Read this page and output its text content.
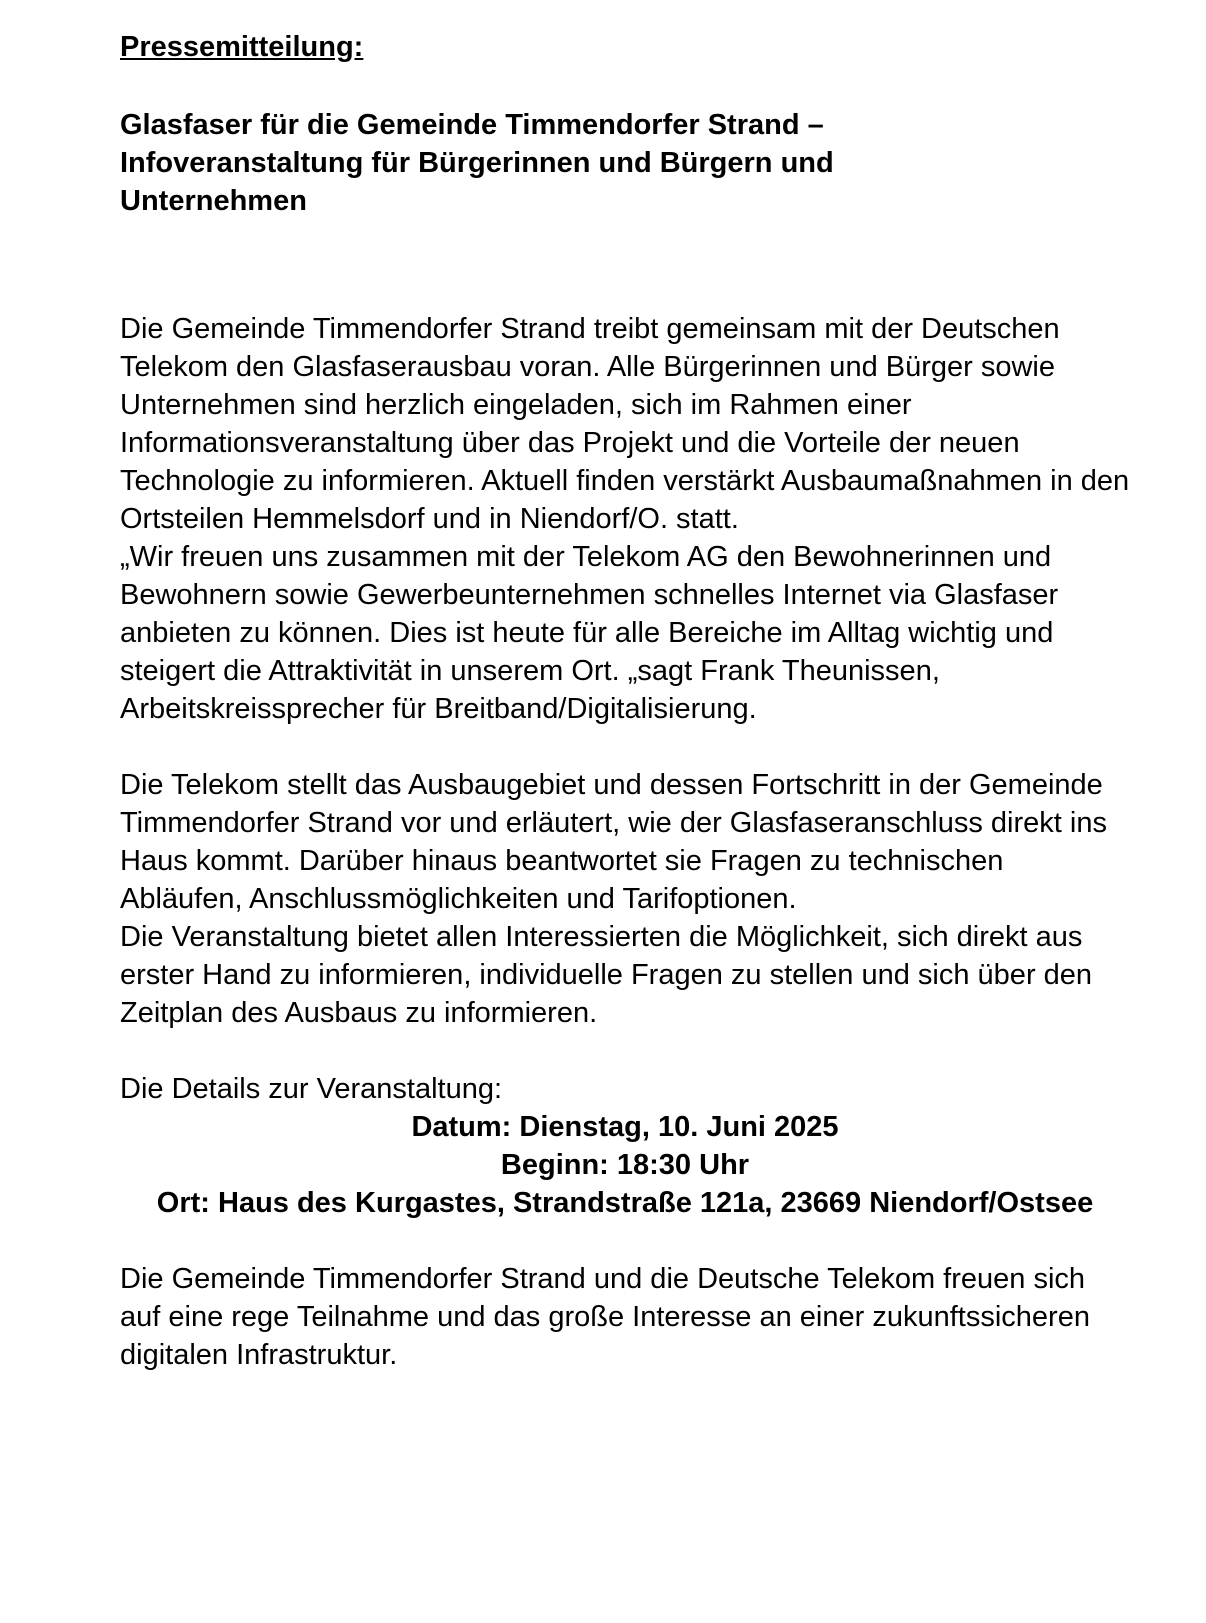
Pressemitteilung:

Glasfaser für die Gemeinde Timmendorfer Strand – Infoveranstaltung für Bürgerinnen und Bürgern und Unternehmen

Die Gemeinde Timmendorfer Strand treibt gemeinsam mit der Deutschen Telekom den Glasfaserausbau voran. Alle Bürgerinnen und Bürger sowie Unternehmen sind herzlich eingeladen, sich im Rahmen einer Informationsveranstaltung über das Projekt und die Vorteile der neuen Technologie zu informieren. Aktuell finden verstärkt Ausbaumaßnahmen in den Ortsteilen Hemmelsdorf und in Niendorf/O. statt.

„Wir freuen uns zusammen mit der Telekom AG den Bewohnerinnen und Bewohnern sowie Gewerbeunternehmen schnelles Internet via Glasfaser anbieten zu können. Dies ist heute für alle Bereiche im Alltag wichtig und steigert die Attraktivität in unserem Ort. „sagt Frank Theunissen, Arbeitskreissprecher für Breitband/Digitalisierung.

Die Telekom stellt das Ausbaugebiet und dessen Fortschritt in der Gemeinde Timmendorfer Strand vor und erläutert, wie der Glasfaseranschluss direkt ins Haus kommt. Darüber hinaus beantwortet sie Fragen zu technischen Abläufen, Anschlussmöglichkeiten und Tarifoptionen.

Die Veranstaltung bietet allen Interessierten die Möglichkeit, sich direkt aus erster Hand zu informieren, individuelle Fragen zu stellen und sich über den Zeitplan des Ausbaus zu informieren.

Die Details zur Veranstaltung:

Datum: Dienstag, 10. Juni 2025
Beginn: 18:30 Uhr
Ort: Haus des Kurgastes, Strandstraße 121a, 23669 Niendorf/Ostsee

Die Gemeinde Timmendorfer Strand und die Deutsche Telekom freuen sich auf eine rege Teilnahme und das große Interesse an einer zukunftssicheren digitalen Infrastruktur.
